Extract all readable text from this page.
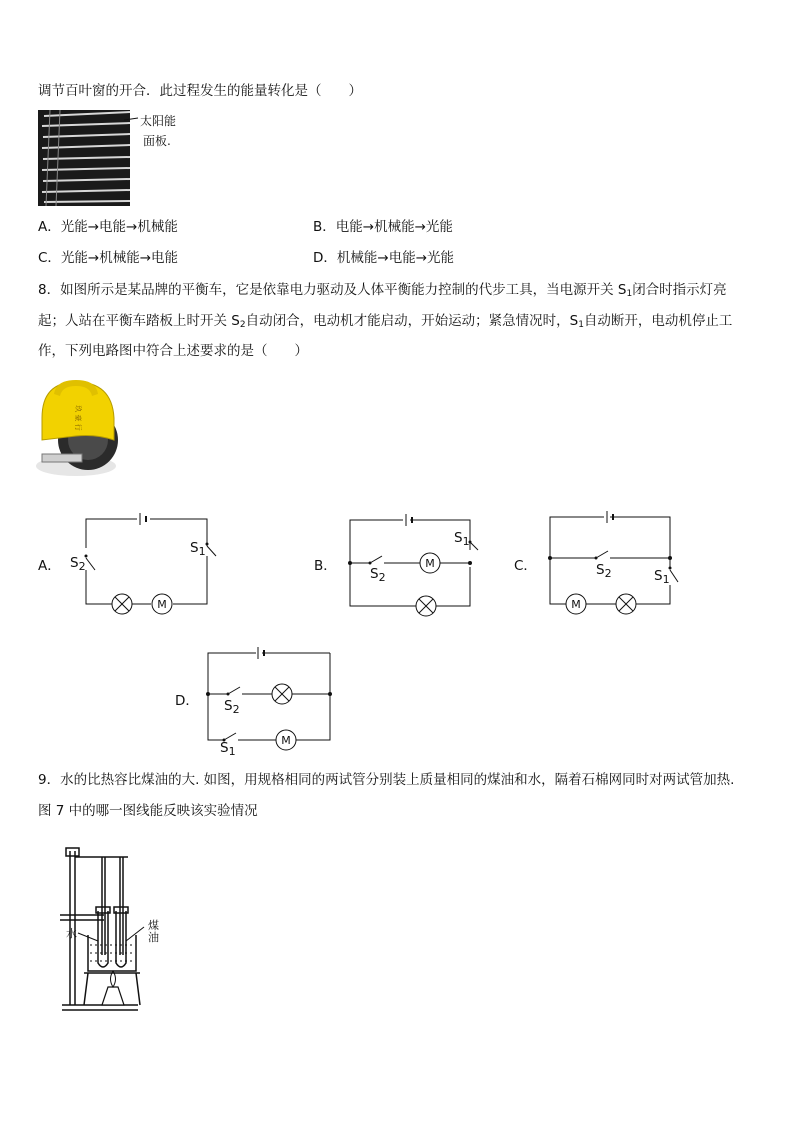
调节百叶窗的开合．此过程发生的能量转化是（　　）
太阳能
面板.
A．光能→电能→机械能	B．电能→机械能→光能
C．光能→机械能→电能	D．机械能→电能→光能
8．如图所示是某品牌的平衡车，它是依靠电力驱动及人体平衡能力控制的代步工具，当电源开关 $S_1$闭合时指示灯亮
起；人站在平衡车踏板上时开关 $S_2$自动闭合，电动机才能启动，开始运动；紧急情况时，$S_1$自动断开，电动机停止工
作，下列电路图中符合上述要求的是（　　）
玖 豪 行
A．
M
$S_2$
$S_1$
B．	M
$S_2$
$S_1$
C．
M
$S_2$	$S_1$
D．
M
$S_2$
$S_1$
9．水的比热容比煤油的大. 如图，用规格相同的两试管分别装上质量相同的煤油和水，隔着石棉网同时对两试管加热.
图 7 中的哪一图线能反映该实验情况
水
煤
油
